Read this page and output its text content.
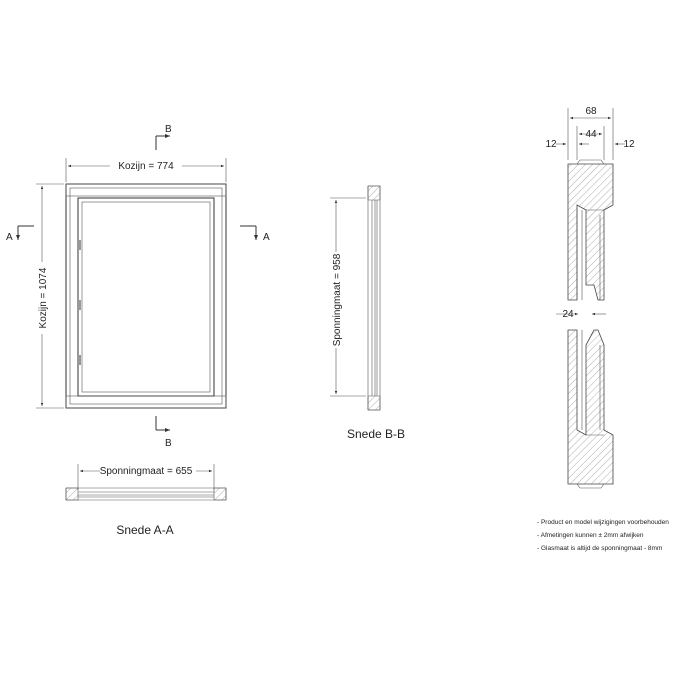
Kozijn = 774
Kozijn = 1074
B
B
A	A
Sponningmaat = 655
Snede A-A
Sponningmaat = 958
Snede B-B
68
44
12	12
24
- Product en model wijzigingen voorbehouden
- Afmetingen kunnen ± 2mm afwijken
- Glasmaat is altijd de sponningmaat - 8mm
